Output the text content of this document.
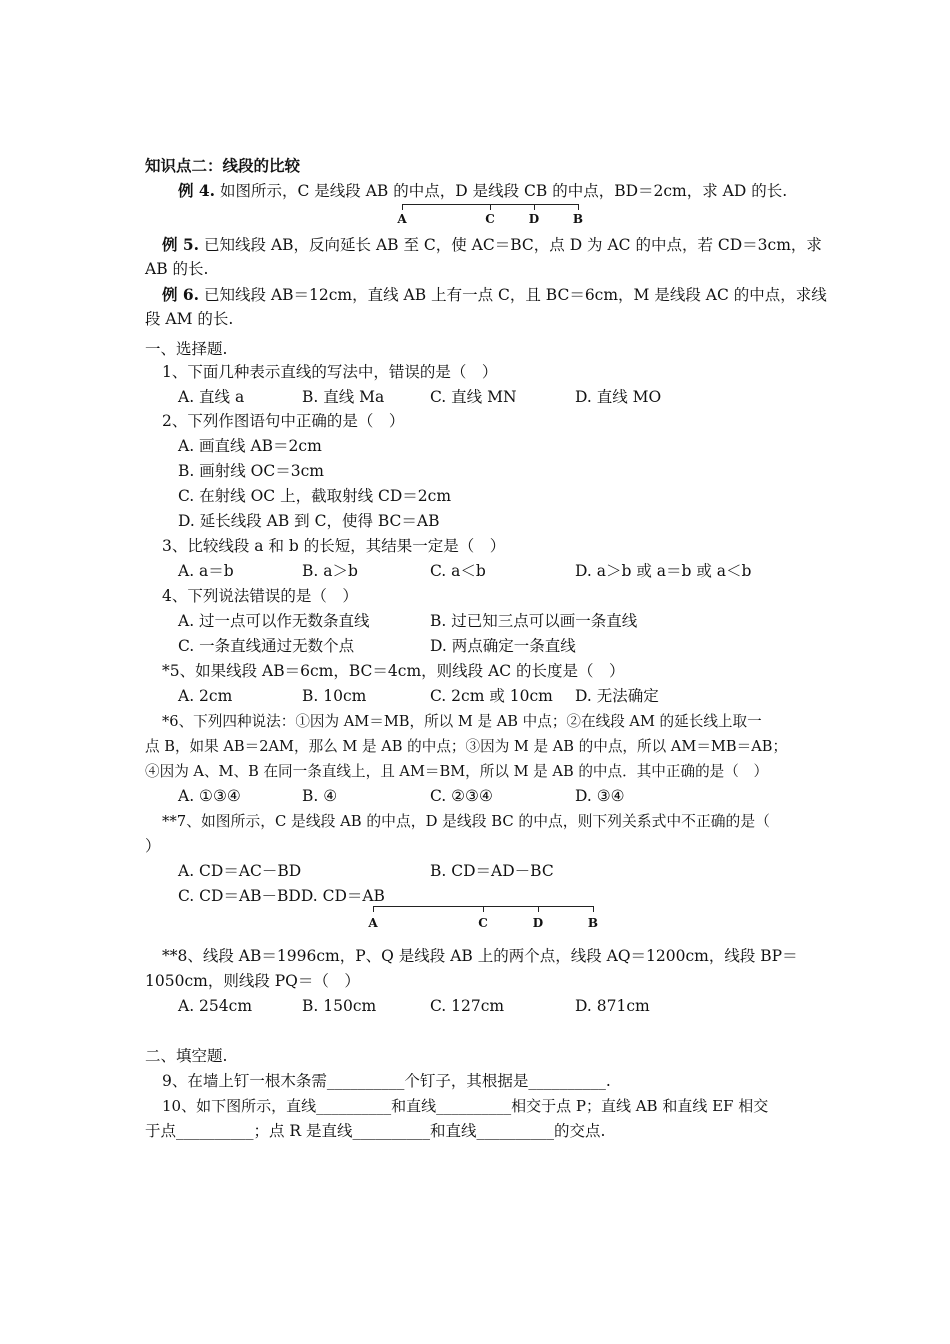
知识点二：线段的比较
例 4. 如图所示，C 是线段 AB 的中点，D 是线段 CB 的中点，BD＝2cm，求 AD 的长.
A	C	D	B
例 5. 已知线段 AB，反向延长 AB 至 C，使 AC＝BC，点 D 为 AC 的中点，若 CD＝3cm，求
AB 的长.
例 6. 已知线段 AB＝12cm，直线 AB 上有一点 C，且 BC＝6cm，M 是线段 AC 的中点，求线
段 AM 的长.
一、选择题.
1、下面几种表示直线的写法中，错误的是（　）
A. 直线 a	B. 直线 Ma	C. 直线 MN	D. 直线 MO
2、下列作图语句中正确的是（　）
A. 画直线 AB＝2cm
B. 画射线 OC＝3cm
C. 在射线 OC 上，截取射线 CD＝2cm
D. 延长线段 AB 到 C，使得 BC＝AB
3、比较线段 a 和 b 的长短，其结果一定是（　）
A. a＝b	B. a＞b	C. a＜b	D. a＞b 或 a＝b 或 a＜b
4、下列说法错误的是（　）
A. 过一点可以作无数条直线	B. 过已知三点可以画一条直线
C. 一条直线通过无数个点	D. 两点确定一条直线
*5、如果线段 AB＝6cm，BC＝4cm，则线段 AC 的长度是（　）
A. 2cm	B. 10cm	C. 2cm 或 10cm D. 无法确定
*6、下列四种说法：①因为 AM＝MB，所以 M 是 AB 中点；②在线段 AM 的延长线上取一
点 B，如果 AB＝2AM，那么 M 是 AB 的中点；③因为 M 是 AB 的中点，所以 AM＝MB＝AB；
④因为 A、M、B 在同一条直线上，且 AM＝BM，所以 M 是 AB 的中点．其中正确的是（　）
A. ①③④	B. ④	C. ②③④	D. ③④
**7、如图所示，C 是线段 AB 的中点，D 是线段 BC 的中点，则下列关系式中不正确的是（
）
A. CD＝AC－BD	B. CD＝AD－BC
C. CD＝AB－BDD. CD＝AB
A	C	D	B
**8、线段 AB＝1996cm，P、Q 是线段 AB 上的两个点，线段 AQ＝1200cm，线段 BP＝
1050cm，则线段 PQ＝（　）
A. 254cm	B. 150cm	C. 127cm	D. 871cm
二、填空题.
9、在墙上钉一根木条需__________个钉子，其根据是__________.
10、如下图所示，直线__________和直线__________相交于点 P；直线 AB 和直线 EF 相交
于点__________；点 R 是直线__________和直线__________的交点.
